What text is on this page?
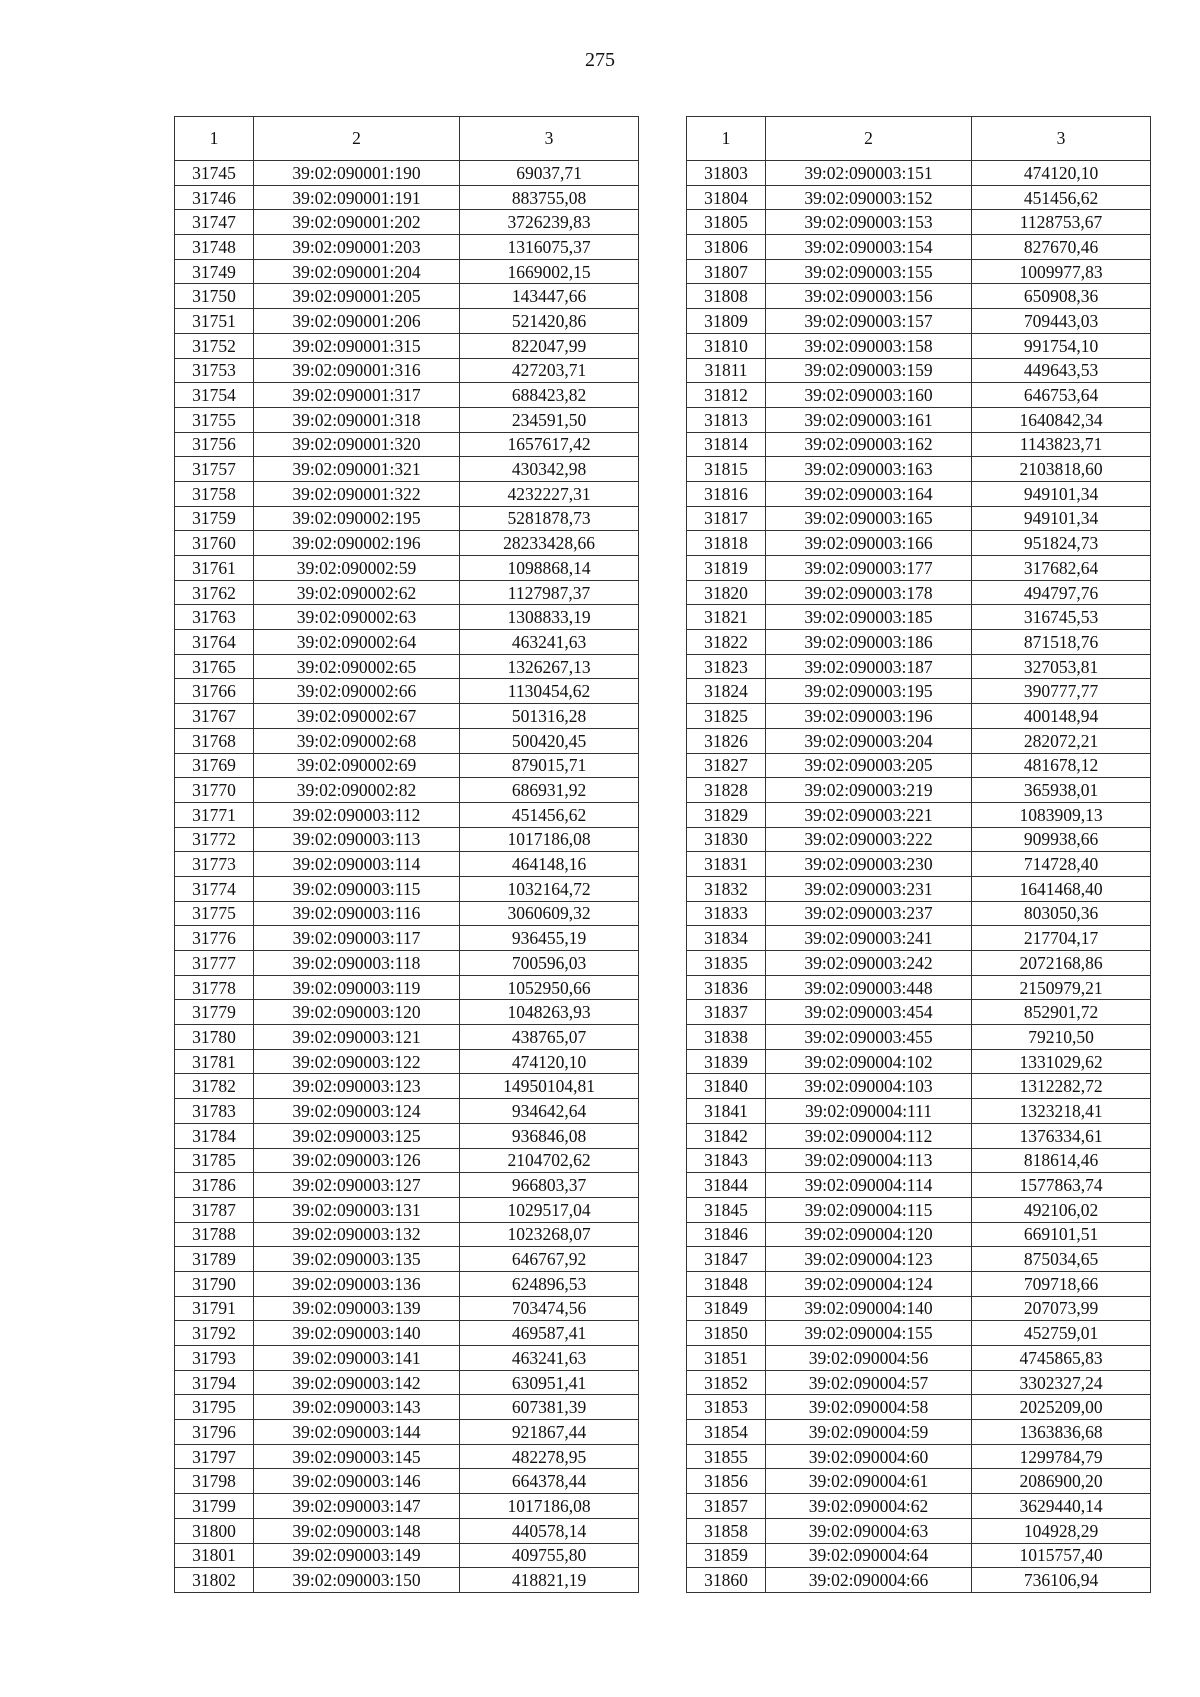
275
1	2	3
31745	39:02:090001:190	69037,71
31746	39:02:090001:191	883755,08
31747	39:02:090001:202	3726239,83
31748	39:02:090001:203	1316075,37
31749	39:02:090001:204	1669002,15
31750	39:02:090001:205	143447,66
31751	39:02:090001:206	521420,86
31752	39:02:090001:315	822047,99
31753	39:02:090001:316	427203,71
31754	39:02:090001:317	688423,82
31755	39:02:090001:318	234591,50
31756	39:02:090001:320	1657617,42
31757	39:02:090001:321	430342,98
31758	39:02:090001:322	4232227,31
31759	39:02:090002:195	5281878,73
31760	39:02:090002:196	28233428,66
31761	39:02:090002:59	1098868,14
31762	39:02:090002:62	1127987,37
31763	39:02:090002:63	1308833,19
31764	39:02:090002:64	463241,63
31765	39:02:090002:65	1326267,13
31766	39:02:090002:66	1130454,62
31767	39:02:090002:67	501316,28
31768	39:02:090002:68	500420,45
31769	39:02:090002:69	879015,71
31770	39:02:090002:82	686931,92
31771	39:02:090003:112	451456,62
31772	39:02:090003:113	1017186,08
31773	39:02:090003:114	464148,16
31774	39:02:090003:115	1032164,72
31775	39:02:090003:116	3060609,32
31776	39:02:090003:117	936455,19
31777	39:02:090003:118	700596,03
31778	39:02:090003:119	1052950,66
31779	39:02:090003:120	1048263,93
31780	39:02:090003:121	438765,07
31781	39:02:090003:122	474120,10
31782	39:02:090003:123	14950104,81
31783	39:02:090003:124	934642,64
31784	39:02:090003:125	936846,08
31785	39:02:090003:126	2104702,62
31786	39:02:090003:127	966803,37
31787	39:02:090003:131	1029517,04
31788	39:02:090003:132	1023268,07
31789	39:02:090003:135	646767,92
31790	39:02:090003:136	624896,53
31791	39:02:090003:139	703474,56
31792	39:02:090003:140	469587,41
31793	39:02:090003:141	463241,63
31794	39:02:090003:142	630951,41
31795	39:02:090003:143	607381,39
31796	39:02:090003:144	921867,44
31797	39:02:090003:145	482278,95
31798	39:02:090003:146	664378,44
31799	39:02:090003:147	1017186,08
31800	39:02:090003:148	440578,14
31801	39:02:090003:149	409755,80
31802	39:02:090003:150	418821,19
1	2	3
31803	39:02:090003:151	474120,10
31804	39:02:090003:152	451456,62
31805	39:02:090003:153	1128753,67
31806	39:02:090003:154	827670,46
31807	39:02:090003:155	1009977,83
31808	39:02:090003:156	650908,36
31809	39:02:090003:157	709443,03
31810	39:02:090003:158	991754,10
31811	39:02:090003:159	449643,53
31812	39:02:090003:160	646753,64
31813	39:02:090003:161	1640842,34
31814	39:02:090003:162	1143823,71
31815	39:02:090003:163	2103818,60
31816	39:02:090003:164	949101,34
31817	39:02:090003:165	949101,34
31818	39:02:090003:166	951824,73
31819	39:02:090003:177	317682,64
31820	39:02:090003:178	494797,76
31821	39:02:090003:185	316745,53
31822	39:02:090003:186	871518,76
31823	39:02:090003:187	327053,81
31824	39:02:090003:195	390777,77
31825	39:02:090003:196	400148,94
31826	39:02:090003:204	282072,21
31827	39:02:090003:205	481678,12
31828	39:02:090003:219	365938,01
31829	39:02:090003:221	1083909,13
31830	39:02:090003:222	909938,66
31831	39:02:090003:230	714728,40
31832	39:02:090003:231	1641468,40
31833	39:02:090003:237	803050,36
31834	39:02:090003:241	217704,17
31835	39:02:090003:242	2072168,86
31836	39:02:090003:448	2150979,21
31837	39:02:090003:454	852901,72
31838	39:02:090003:455	79210,50
31839	39:02:090004:102	1331029,62
31840	39:02:090004:103	1312282,72
31841	39:02:090004:111	1323218,41
31842	39:02:090004:112	1376334,61
31843	39:02:090004:113	818614,46
31844	39:02:090004:114	1577863,74
31845	39:02:090004:115	492106,02
31846	39:02:090004:120	669101,51
31847	39:02:090004:123	875034,65
31848	39:02:090004:124	709718,66
31849	39:02:090004:140	207073,99
31850	39:02:090004:155	452759,01
31851	39:02:090004:56	4745865,83
31852	39:02:090004:57	3302327,24
31853	39:02:090004:58	2025209,00
31854	39:02:090004:59	1363836,68
31855	39:02:090004:60	1299784,79
31856	39:02:090004:61	2086900,20
31857	39:02:090004:62	3629440,14
31858	39:02:090004:63	104928,29
31859	39:02:090004:64	1015757,40
31860	39:02:090004:66	736106,94
